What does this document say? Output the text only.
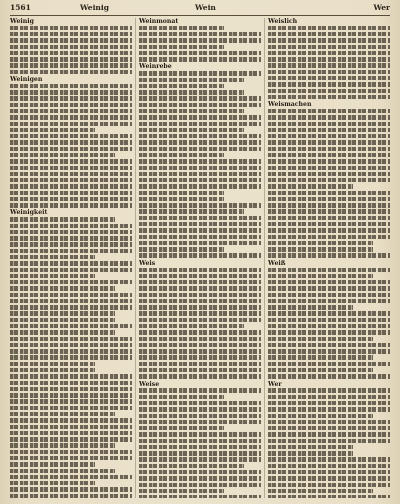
1561	Weinig	Wein	Wer
Weinig
Weinigen
Weinigkeit
Weinmonat
Weinrebe
Weis
Weise
Weislich
Weismachen
Weiß
Wer
